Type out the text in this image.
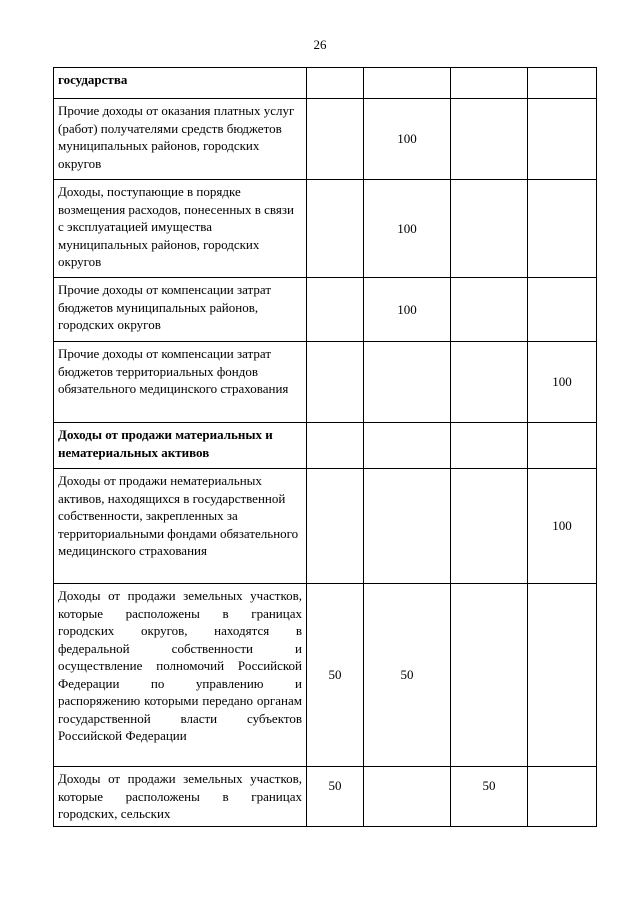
26
государства				
Прочие доходы от оказания платных услуг (работ) получателями средств бюджетов муниципальных районов, городских округов		100		
Доходы, поступающие в порядке возмещения расходов, понесенных в связи с эксплуатацией имущества муниципальных районов, городских округов		100		
Прочие доходы от компенсации затрат бюджетов муниципальных районов, городских округов		100		
Прочие доходы от компенсации затрат бюджетов территориальных фондов обязательного медицинского страхования				100
Доходы от продажи материальных и нематериальных активов				
Доходы от продажи нематериальных активов, находящихся в государственной собственности, закрепленных за территориальными фондами обязательного медицинского страхования				100
Доходы от продажи земельных участков, которые расположены в границах городских округов, находятся в федеральной собственности и осуществление полномочий Российской Федерации по управлению и распоряжению которыми передано органам государственной власти субъектов Российской Федерации	50	50		
Доходы от продажи земельных участков, которые расположены в границах городских, сельских	50		50	
